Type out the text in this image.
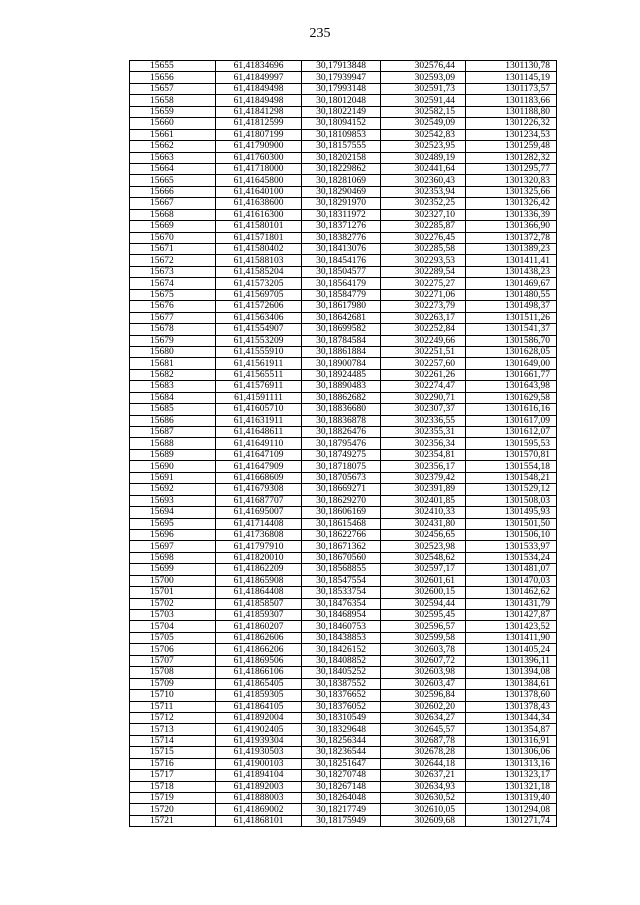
235
15655	61,41834696	30,17913848	302576,44	1301130,78
15656	61,41849997	30,17939947	302593,09	1301145,19
15657	61,41849498	30,17993148	302591,73	1301173,57
15658	61,41849498	30,18012048	302591,44	1301183,66
15659	61,41841298	30,18022149	302582,15	1301188,80
15660	61,41812599	30,18094152	302549,09	1301226,32
15661	61,41807199	30,18109853	302542,83	1301234,53
15662	61,41790900	30,18157555	302523,95	1301259,48
15663	61,41760300	30,18202158	302489,19	1301282,32
15664	61,41718000	30,18229862	302441,64	1301295,77
15665	61,41645800	30,18281069	302360,43	1301320,83
15666	61,41640100	30,18290469	302353,94	1301325,66
15667	61,41638600	30,18291970	302352,25	1301326,42
15668	61,41616300	30,18311972	302327,10	1301336,39
15669	61,41580101	30,18371276	302285,87	1301366,90
15670	61,41571801	30,18382776	302276,45	1301372,78
15671	61,41580402	30,18413076	302285,58	1301389,23
15672	61,41588103	30,18454176	302293,53	1301411,41
15673	61,41585204	30,18504577	302289,54	1301438,23
15674	61,41573205	30,18564179	302275,27	1301469,67
15675	61,41569705	30,18584779	302271,06	1301480,55
15676	61,41572606	30,18617980	302273,79	1301498,37
15677	61,41563406	30,18642681	302263,17	1301511,26
15678	61,41554907	30,18699582	302252,84	1301541,37
15679	61,41553209	30,18784584	302249,66	1301586,70
15680	61,41555910	30,18861884	302251,51	1301628,05
15681	61,41561911	30,18900784	302257,60	1301649,00
15682	61,41565511	30,18924485	302261,26	1301661,77
15683	61,41576911	30,18890483	302274,47	1301643,98
15684	61,41591111	30,18862682	302290,71	1301629,58
15685	61,41605710	30,18836680	302307,37	1301616,16
15686	61,41631911	30,18836878	302336,55	1301617,09
15687	61,41648611	30,18826476	302355,31	1301612,07
15688	61,41649110	30,18795476	302356,34	1301595,53
15689	61,41647109	30,18749275	302354,81	1301570,81
15690	61,41647909	30,18718075	302356,17	1301554,18
15691	61,41668609	30,18705673	302379,42	1301548,21
15692	61,41679308	30,18669271	302391,89	1301529,12
15693	61,41687707	30,18629270	302401,85	1301508,03
15694	61,41695007	30,18606169	302410,33	1301495,93
15695	61,41714408	30,18615468	302431,80	1301501,50
15696	61,41736808	30,18622766	302456,65	1301506,10
15697	61,41797910	30,18671362	302523,98	1301533,97
15698	61,41820010	30,18670560	302548,62	1301534,24
15699	61,41862209	30,18568855	302597,17	1301481,07
15700	61,41865908	30,18547554	302601,61	1301470,03
15701	61,41864408	30,18533754	302600,15	1301462,62
15702	61,41858507	30,18476354	302594,44	1301431,79
15703	61,41859307	30,18468954	302595,45	1301427,87
15704	61,41860207	30,18460753	302596,57	1301423,52
15705	61,41862606	30,18438853	302599,58	1301411,90
15706	61,41866206	30,18426152	302603,78	1301405,24
15707	61,41869506	30,18408852	302607,72	1301396,11
15708	61,41866106	30,18405252	302603,98	1301394,08
15709	61,41865405	30,18387552	302603,47	1301384,61
15710	61,41859305	30,18376652	302596,84	1301378,60
15711	61,41864105	30,18376052	302602,20	1301378,43
15712	61,41892004	30,18310549	302634,27	1301344,34
15713	61,41902405	30,18329648	302645,57	1301354,87
15714	61,41939304	30,18256344	302687,78	1301316,91
15715	61,41930503	30,18236544	302678,28	1301306,06
15716	61,41900103	30,18251647	302644,18	1301313,16
15717	61,41894104	30,18270748	302637,21	1301323,17
15718	61,41892003	30,18267148	302634,93	1301321,18
15719	61,41888003	30,18264048	302630,52	1301319,40
15720	61,41869002	30,18217749	302610,05	1301294,08
15721	61,41868101	30,18175949	302609,68	1301271,74
